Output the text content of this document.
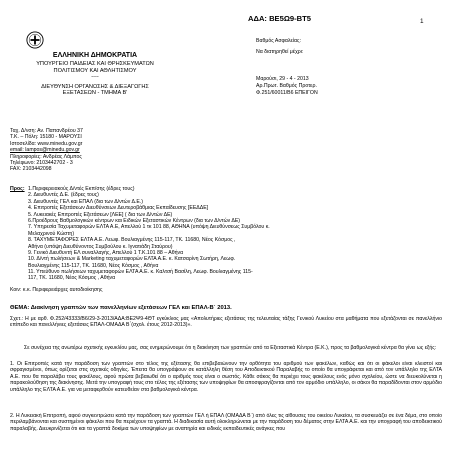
ΑΔΑ: ΒΕ5Ω9-ΒΤ5	1
Βαθμός Ασφαλείας:
Να διατηρηθεί μέχρι:
Μαρούσι, 29 - 4 - 2013
Αρ.Πρωτ. Βαθμός Προτερ.
Φ.251/60011/Β6 ΕΠΕΙΓΟΝ
ΕΛΛΗΝΙΚΗ ΔΗΜΟΚΡΑΤΙΑ
ΥΠΟΥΡΓΕΙΟ ΠΑΙΔΕΙΑΣ ΚΑΙ ΘΡΗΣΚΕΥΜΑΤΩΝ
ΠΟΛΙΤΙΣΜΟΥ ΚΑΙ ΑΘΛΗΤΙΣΜΟΥ
----
ΔΙΕΥΘΥΝΣΗ ΟΡΓΑΝΩΣΗΣ & ΔΙΕΞΑΓΩΓΗΣ
ΕΞΕΤΑΣΕΩΝ - ΤΜΗΜΑ Β'
Ταχ. Δ/νση: Αν. Παπανδρέου 37
Τ.Κ. – Πόλη: 15180 - ΜΑΡΟΥΣΙ
Ιστοσελίδα: www.minedu.gov.gr
email: lampos@minedu.gov.gr
Πληροφορίες: Ανδρέας Λάμπος
Τηλέφωνο: 2103442702 - 3
FAX: 2103442098
Προς: 1.Περιφερειακούς Δ/ντές Εκπ/σης (έδρες τους)
2. Διευθυντές Δ.Ε. (έδρες τους)
3. Διευθυντές ΓΕΛ και ΕΠΑΛ (δια των Δ/ντών Δ.Ε.)
4. Επιτροπές Εξετάσεων Διευθύνσεων Δευτεροβάθμιας Εκπαίδευσης [ΕΕΔΔΕ]
5. Λυκειακές Επιτροπές Εξετάσεων [ΛΕΕ] ( δια των Δ/ντών ΔΕ)
6.Προέδρους Βαθμολογικών κέντρων και Ειδικών Εξεταστικών Κέντρων (δια των Δ/ντών ΔΕ)
7. Υπηρεσία Ταχυμεταφορών ΕΛΤΑ Α.Ε, Απελλού 1 τκ 101 88, ΑΘΗΝΑ (υπόψη Διευθύνσεως Συμβόλου κ.
Μελαχρινού Κώστη)
8. ΤΑΧΥΜΕΤΑΦΟΡΕΣ ΕΛΤΑ Α.Ε. Λεωφ. Βουλιαγμένης 115-117, ΤΚ. 11680, Νέος Κόσμος ,
Αθήνα (υπόψη Διευθύνοντος Συμβούλου κ. Ιγνατιάδη Σταύρου)
9. Γενικό Διευθυντή ΕΛ συναλλαγής, Απελλού 1 Τ.Κ.101 88 – Αθήνα
10. Δ/ντή πωλήσεων & Marketing ταχυμεταφορών ΕΛΤΑ Α.Ε. κ. Κατσαρίνη Σωτήρη, Λεωφ.
Βουλιαγμένης 115-117, ΤΚ. 11680, Νέος Κόσμος , Αθήνα
11. Υπεύθυνο πωλήσεων ταχυμεταφορών ΕΛΤΑ Α.Ε. κ. Καλτσή Βασίλη, Λεωφ. Βουλιαγμένης 115-
117, ΤΚ. 11680, Νέος Κόσμος , Αθήνα
Κοιν: κ.κ. Περιφερειάρχες αυτοδιοίκησης
ΘΕΜΑ: Διακίνηση γραπτών των πανελληνίων εξετάσεων ΓΕΛ και ΕΠΑΛ-Β΄ 2013.
Σχετ.: Η με αρθ. Φ.252/43333/Β6/29-3-2013/ΑΔΑ:ΒΕ2Ψ9-4ΘΤ εγκύκλιος μας «Απολυτήριες εξετάσεις της τελευταίας τάξης Γενικού Λυκείου στα μαθήματα που εξετάζονται σε πανελλήνιο επίπεδο και πανελλήνιες εξετάσεις ΕΠΑΛ-ΟΜΑΔΑ Β΄(σχολ. έτους 2012-2013)».
Σε συνέχεια της ανωτέρω σχετικής εγκυκλίου μας, σας ενημερώνουμε ότι η διακίνηση των γραπτών από τα Εξεταστικά Κέντρα (Ε.Κ.), προς τα βαθμολογικά κέντρα θα γίνει ως εξής:
1. Οι Επιτροπές κατά την παράδοση των γραπτών στο τέλος της εξέτασης θα επιβεβαιώνουν την ορθότητα του αριθμού των φακέλων, καθώς και ότι οι φάκελοι είναι κλειστοί και σφραγισμένοι, όπως ορίζεται στις σχετικές οδηγίες. Έπειτα θα υπογράψουν σε κατάλληλη θέση του Αποδεικτικού Παραλαβής το οποίο θα υπογράφεται και από τον υπάλληλο της ΕΛΤΑ Α.Ε. που θα παραλάβει τους φακέλους, αφού πρώτα βεβαιωθεί ότι ο αριθμός τους είναι ο σωστός. Κάθε σάκος θα περιέχει τους φακέλους ενός μόνο σχολείου, ώστε να διευκολύνεται η παρακολούθηση της διακίνησης. Μετά την υπογραφή τους στο τέλος της εξέτασης των υποψηφίων θα αποσφραγίζονται από τον αρμόδιο υπάλληλο, οι σάκοι θα παραδίδονται στον αρμόδιο υπάλληλο της ΕΛΤΑ Α.Ε. για να μεταφερθούν κατευθείαν στα βαθμολογικά κέντρα.
2. Η Λυκειακή Επιτροπή, αφού συγκεντρώσει κατά την παράδοση των γραπτών ΓΕΛ ή ΕΠΑΛ (ΟΜΑΔΑ Β΄) από όλες τις αίθουσες του οικείου Λυκείου, τα συσκευάζει σε ένα δέμα, στο οποίο περιλαμβάνονται και συστημένοι φάκελοι που θα περιέχουν τα γραπτά. Η διαδικασία αυτή ολοκληρώνεται με την παράδοση του δέματος στην ΕΛΤΑ Α.Ε. και την υπογραφή του αποδεικτικού παραλαβής. Διευκρινίζεται ότι και τα γραπτά δοκίμια των υποψηφίων με αναπηρία και ειδικές εκπαιδευτικές ανάγκες που
